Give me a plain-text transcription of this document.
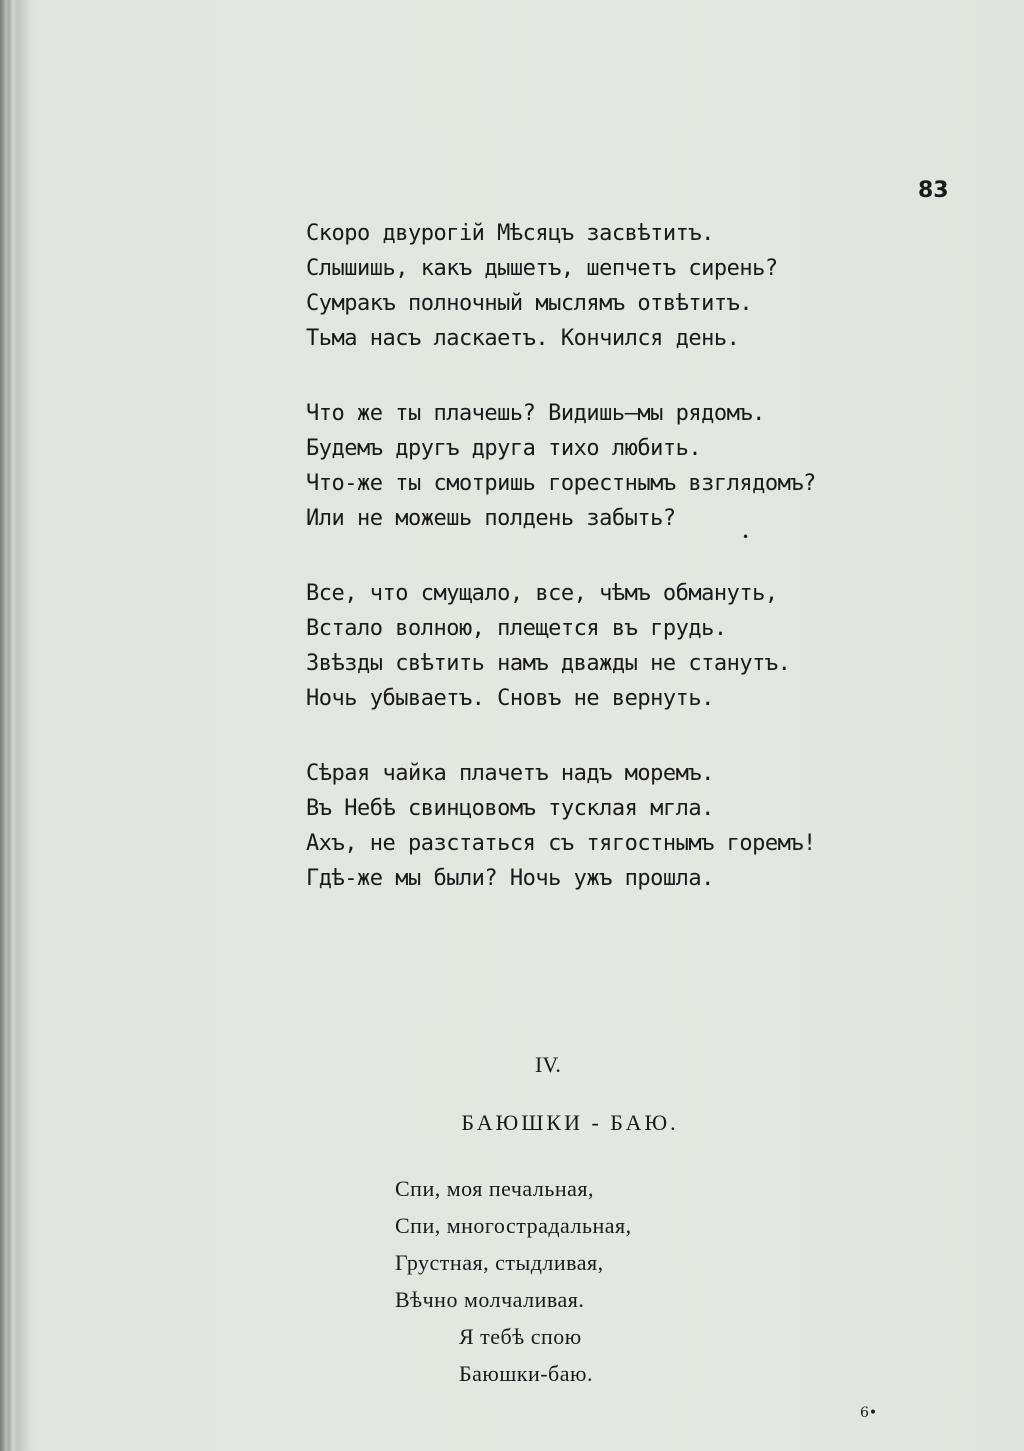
83
Скоро двурогій Мѣсяцъ засвѣтитъ.
Слышишь, какъ дышетъ, шепчетъ сирень?
Сумракъ полночный мыслямъ отвѣтитъ.
Тьма насъ ласкаетъ. Кончился день.
Что же ты плачешь? Видишь—мы рядомъ.
Будемъ другъ друга тихо любить.
Что-же ты смотришь горестнымъ взглядомъ?
Или не можешь полдень забыть?
Все, что смущало, все, чѣмъ обмануть,
Встало волною, плещется въ грудь.
Звѣзды свѣтить намъ дважды не станутъ.
Ночь убываетъ. Сновъ не вернуть.
Сѣрая чайка плачетъ надъ моремъ.
Въ Небѣ свинцовомъ тусклая мгла.
Ахъ, не разстаться съ тягостнымъ горемъ!
Гдѣ-же мы были? Ночь ужъ прошла.
IV.
БАЮШКИ - БАЮ.
Спи, моя печальная,
Спи, многострадальная,
Грустная, стыдливая,
Вѣчно молчаливая.
Я тебѣ спою
Баюшки-баю.
•
6•
